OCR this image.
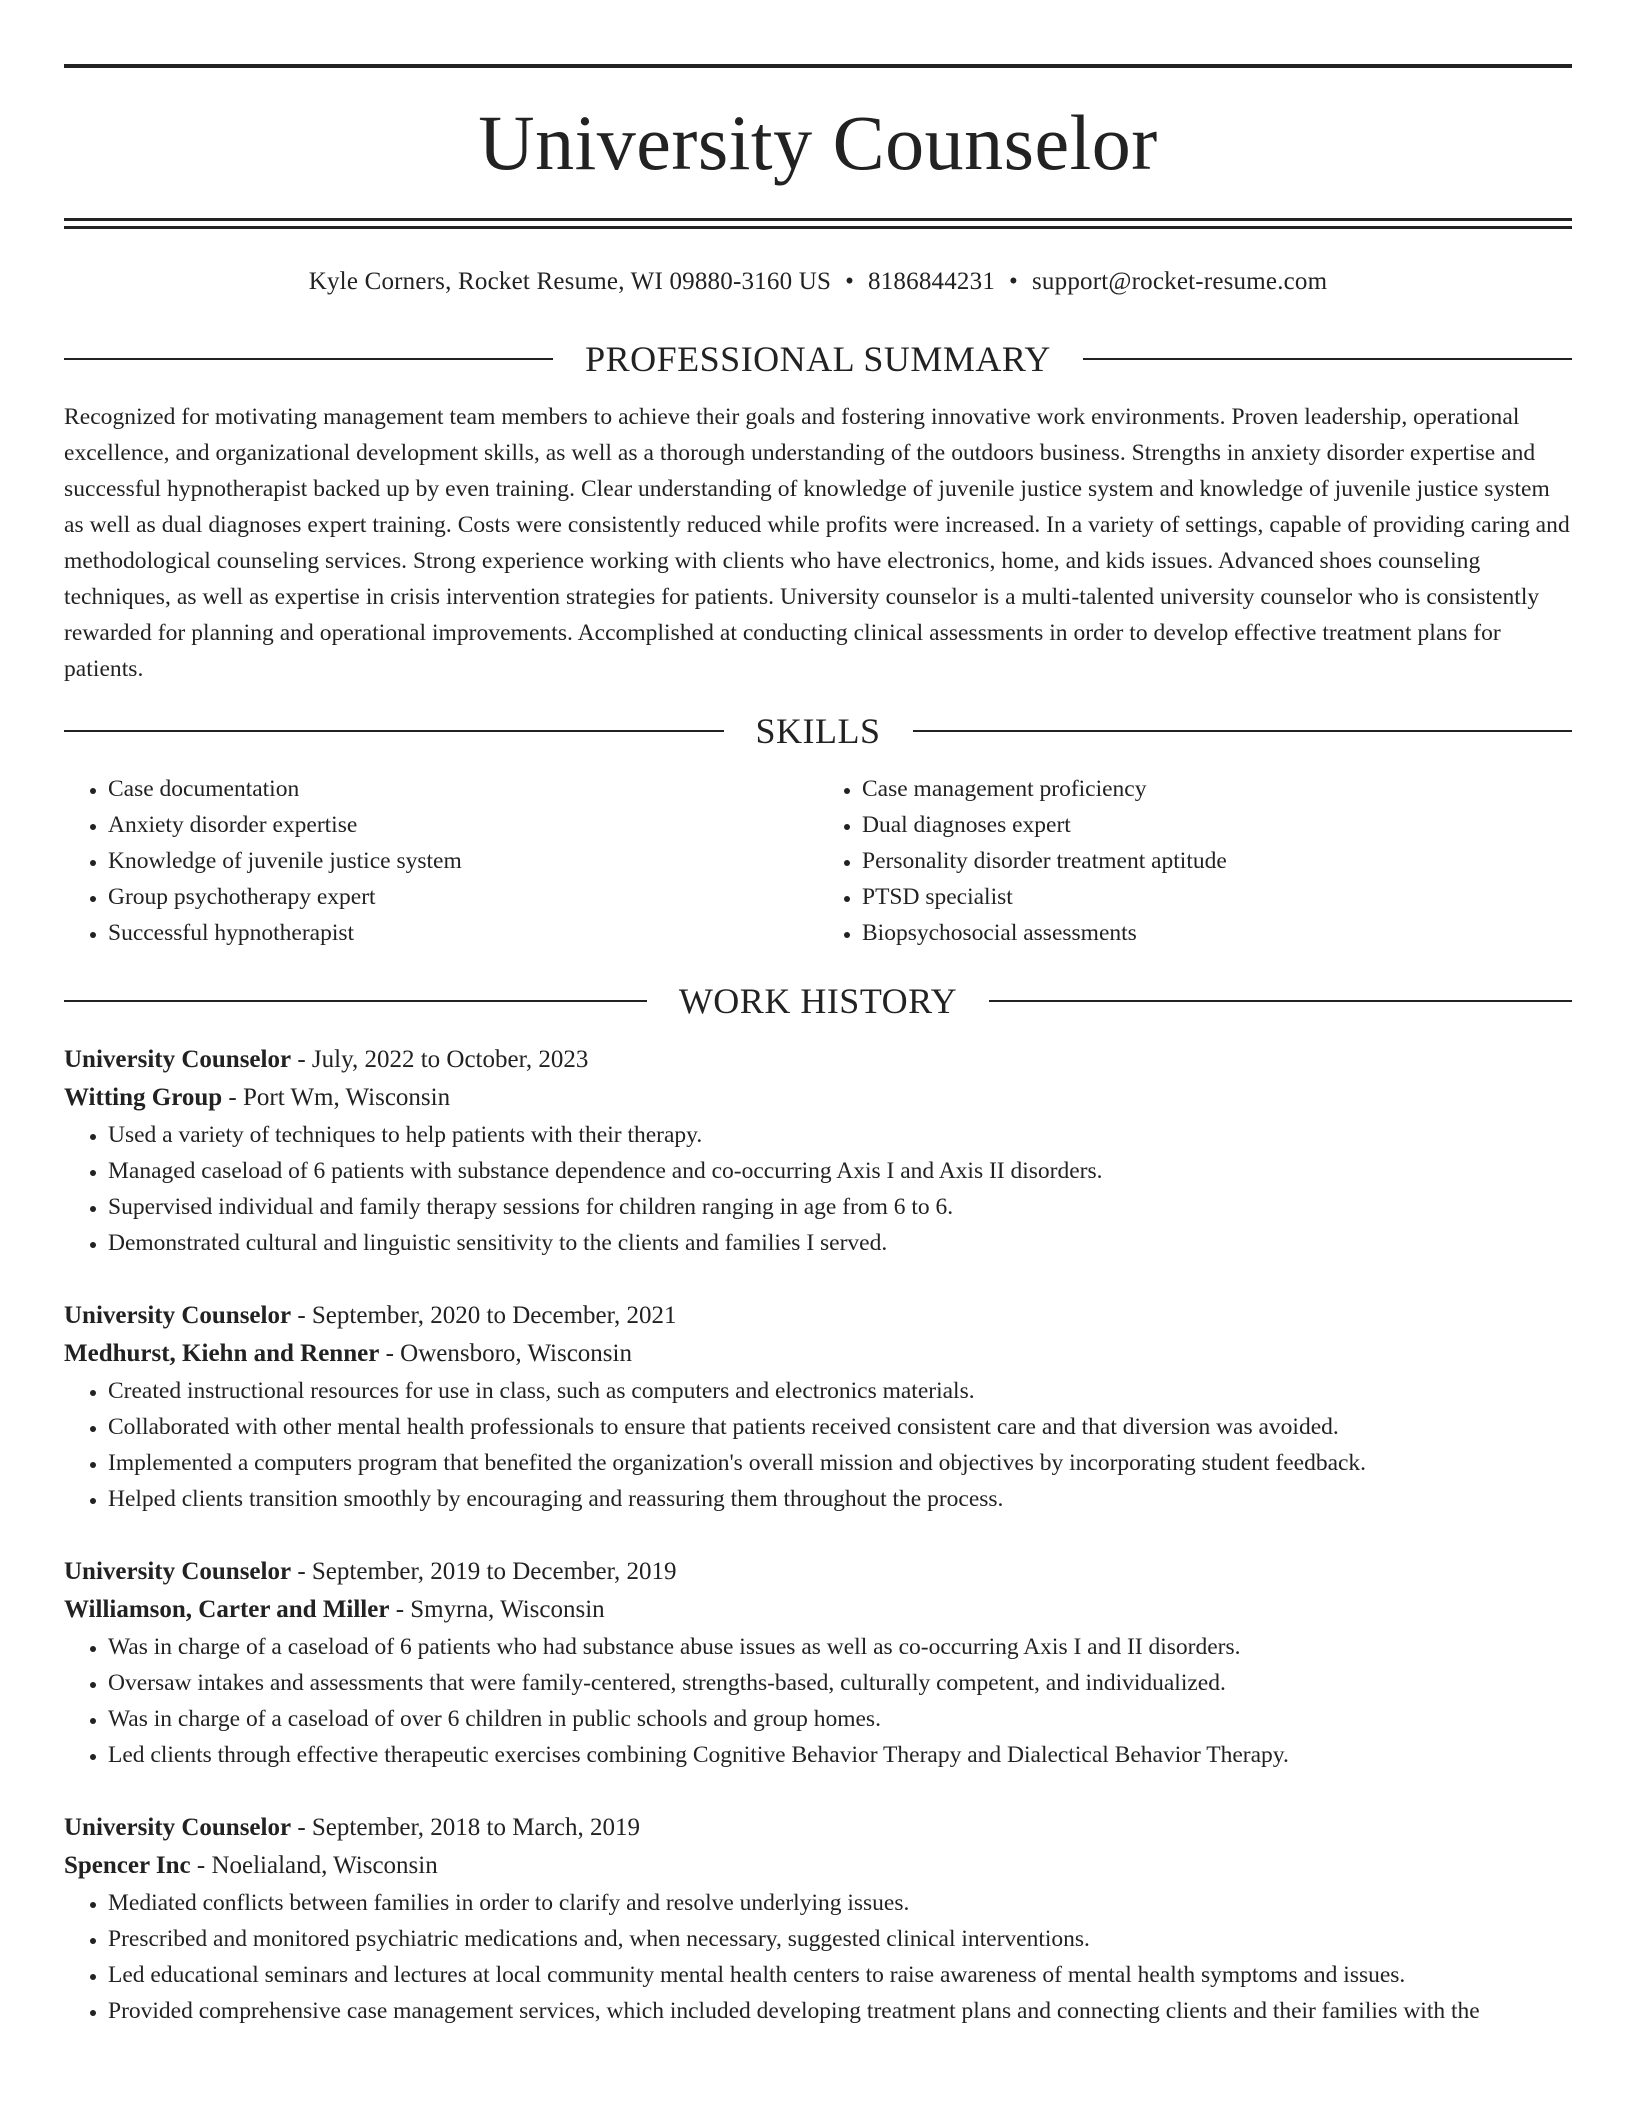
University Counselor
Kyle Corners, Rocket Resume, WI 09880-3160 US • 8186844231 • support@rocket-resume.com
PROFESSIONAL SUMMARY

Recognized for motivating management team members to achieve their goals and fostering innovative work environments. Proven leadership, operational excellence, and organizational development skills, as well as a thorough understanding of the outdoors business. Strengths in anxiety disorder expertise and successful hypnotherapist backed up by even training. Clear understanding of knowledge of juvenile justice system and knowledge of juvenile justice system as well as dual diagnoses expert training. Costs were consistently reduced while profits were increased. In a variety of settings, capable of providing caring and methodological counseling services. Strong experience working with clients who have electronics, home, and kids issues. Advanced shoes counseling techniques, as well as expertise in crisis intervention strategies for patients. University counselor is a multi-talented university counselor who is consistently rewarded for planning and operational improvements. Accomplished at conducting clinical assessments in order to develop effective treatment plans for patients.

SKILLS
• Case documentation
• Anxiety disorder expertise
• Knowledge of juvenile justice system
• Group psychotherapy expert
• Successful hypnotherapist
• Case management proficiency
• Dual diagnoses expert
• Personality disorder treatment aptitude
• PTSD specialist
• Biopsychosocial assessments
WORK HISTORY
University Counselor - July, 2022 to October, 2023
Witting Group - Port Wm, Wisconsin
• Used a variety of techniques to help patients with their therapy.
• Managed caseload of 6 patients with substance dependence and co-occurring Axis I and Axis II disorders.
• Supervised individual and family therapy sessions for children ranging in age from 6 to 6.
• Demonstrated cultural and linguistic sensitivity to the clients and families I served.
University Counselor - September, 2020 to December, 2021
Medhurst, Kiehn and Renner - Owensboro, Wisconsin
• Created instructional resources for use in class, such as computers and electronics materials.
• Collaborated with other mental health professionals to ensure that patients received consistent care and that diversion was avoided.
• Implemented a computers program that benefited the organization's overall mission and objectives by incorporating student feedback.
• Helped clients transition smoothly by encouraging and reassuring them throughout the process.
University Counselor - September, 2019 to December, 2019
Williamson, Carter and Miller - Smyrna, Wisconsin
• Was in charge of a caseload of 6 patients who had substance abuse issues as well as co-occurring Axis I and II disorders.
• Oversaw intakes and assessments that were family-centered, strengths-based, culturally competent, and individualized.
• Was in charge of a caseload of over 6 children in public schools and group homes.
• Led clients through effective therapeutic exercises combining Cognitive Behavior Therapy and Dialectical Behavior Therapy.
University Counselor - September, 2018 to March, 2019
Spencer Inc - Noelialand, Wisconsin
• Mediated conflicts between families in order to clarify and resolve underlying issues.
• Prescribed and monitored psychiatric medications and, when necessary, suggested clinical interventions.
• Led educational seminars and lectures at local community mental health centers to raise awareness of mental health symptoms and issues.
• Provided comprehensive case management services, which included developing treatment plans and connecting clients and their families with the
